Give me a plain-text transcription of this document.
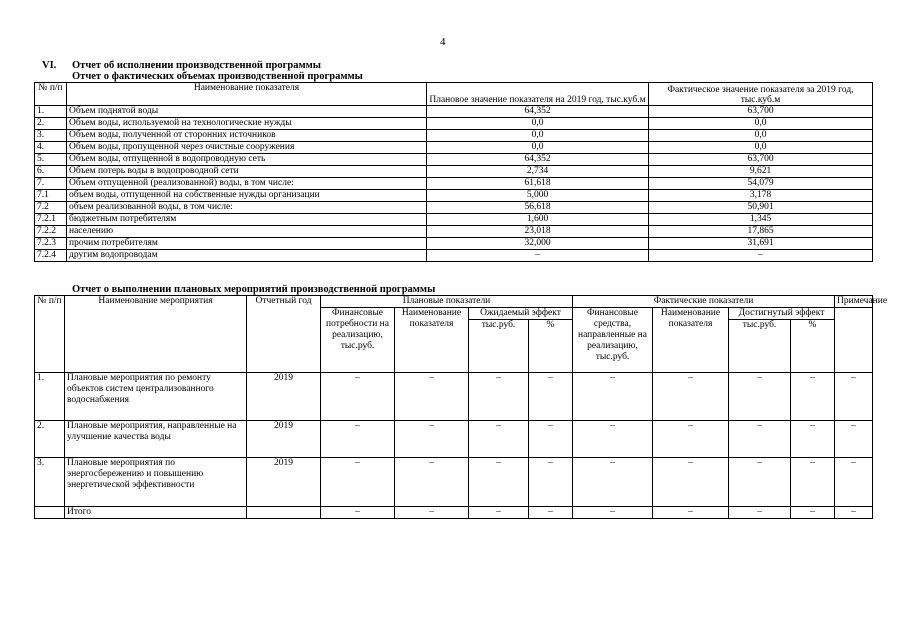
4
VI. Отчет об исполнении производственной программы
Отчет о фактических объемах производственной программы
№ п/п	Наименование показателя	Плановое значение показателя на 2019 год, тыс.куб.м	Фактическое значение показателя за 2019 год, тыс.куб.м
1.	Объем поднятой воды	64,352	63,700
2.	Объем воды, используемой на технологические нужды	0,0	0,0
3.	Объем воды, полученной от сторонних источников	0,0	0,0
4.	Объем воды, пропущенной через очистные сооружения	0,0	0,0
5.	Объем воды, отпущенной в водопроводную сеть	64,352	63,700
6.	Объем потерь воды в водопроводной сети	2,734	9,621
7.	Объем отпущенной (реализованной) воды, в том числе:	61,618	54,079
7.1	объем воды, отпущенной на собственные нужды организации	5,000	3,178
7.2	объем реализованной воды, в том числе:	56,618	50,901
7.2.1	бюджетным потребителям	1,600	1,345
7.2.2	населению	23,018	17,865
7.2.3	прочим потребителям	32,000	31,691
7.2.4	другим водопроводам	–	–
Отчет о выполнении плановых мероприятий производственной программы
№ п/п	Наименование мероприятия	Отчетный год	Плановые показатели				Фактические показатели				Примечание
			Финансовые потребности на реализацию, тыс.руб.	Наименование показателя	Ожидаемый эффект		Финансовые средства, направленные на реализацию, тыс.руб.	Наименование показателя	Достигнутый эффект		
					тыс.руб.	%			тыс.руб.	%	
1.	Плановые мероприятия по ремонту объектов систем централизованного водоснабжения	2019	–	–	–	–	–	–	–	–	–
2.	Плановые мероприятия, направленные на улучшение качества воды	2019	–	–	–	–	–	–	–	–	–
3.	Плановые мероприятия по энергосбережению и повышению энергетической эффективности	2019	–	–	–	–	–	–	–	–	–
	Итого		–	–	–	–	–	–	–	–	–
